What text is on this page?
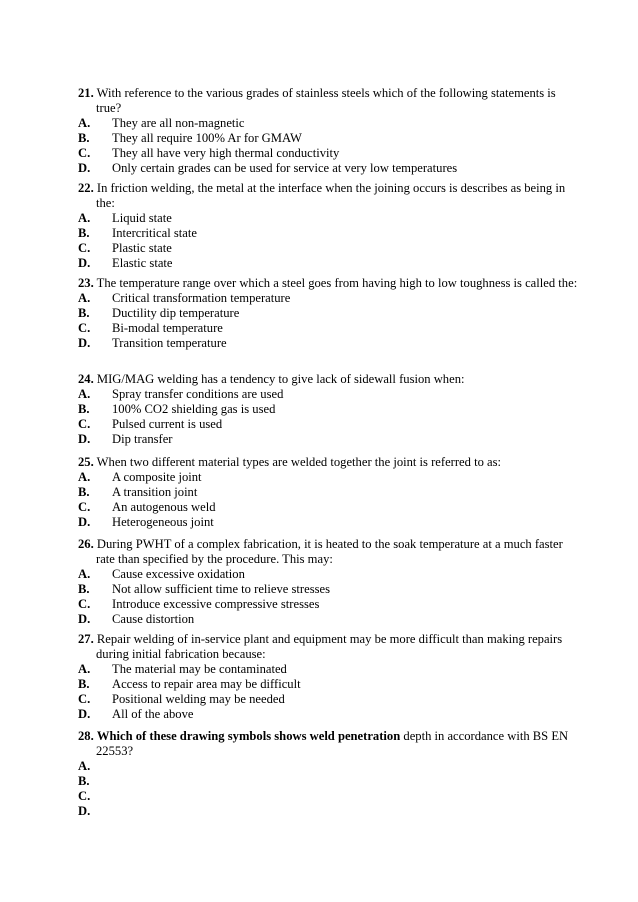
21. With reference to the various grades of stainless steels which of the following statements is true?
A. They are all non-magnetic
B. They all require 100% Ar for GMAW
C. They all have very high thermal conductivity
D. Only certain grades can be used for service at very low temperatures
22. In friction welding, the metal at the interface when the joining occurs is describes as being in the:
A. Liquid state
B. Intercritical state
C. Plastic state
D. Elastic state
23. The temperature range over which a steel goes from having high to low toughness is called the:
A. Critical transformation temperature
B. Ductility dip temperature
C. Bi-modal temperature
D. Transition temperature
24. MIG/MAG welding has a tendency to give lack of sidewall fusion when:
A. Spray transfer conditions are used
B. 100% CO2 shielding gas is used
C. Pulsed current is used
D. Dip transfer
25. When two different material types are welded together the joint is referred to as:
A. A composite joint
B. A transition joint
C. An autogenous weld
D. Heterogeneous joint
26. During PWHT of a complex fabrication, it is heated to the soak temperature at a much faster rate than specified by the procedure. This may:
A. Cause excessive oxidation
B. Not allow sufficient time to relieve stresses
C. Introduce excessive compressive stresses
D. Cause distortion
27. Repair welding of in-service plant and equipment may be more difficult than making repairs during initial fabrication because:
A. The material may be contaminated
B. Access to repair area may be difficult
C. Positional welding may be needed
D. All of the above
28. Which of these drawing symbols shows weld penetration depth in accordance with BS EN 22553?
A.
B.
C.
D.
